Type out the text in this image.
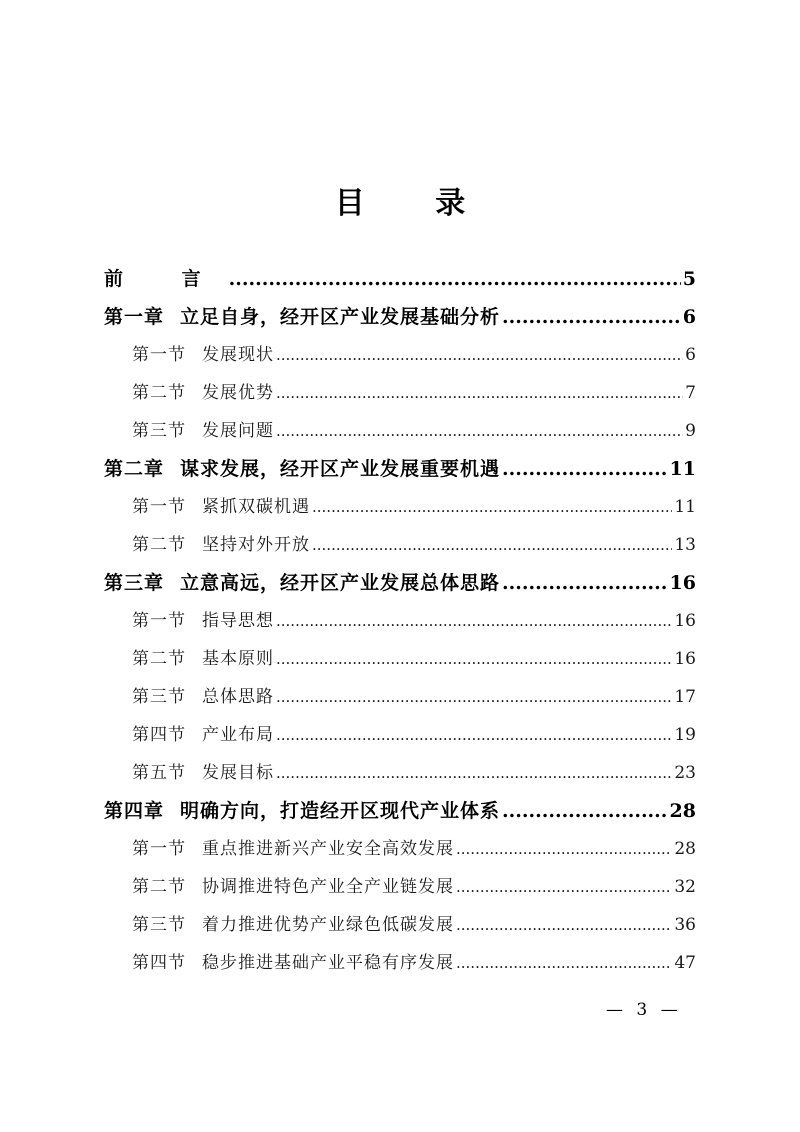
目 录
前 言 .....	5
第一章 立足自身，经开区产业发展基础分析 .....	6
第一节 发展现状 .....	6
第二节 发展优势 .....	7
第三节 发展问题 .....	9
第二章 谋求发展，经开区产业发展重要机遇 .....	11
第一节 紧抓双碳机遇 .....	11
第二节 坚持对外开放 .....	13
第三章 立意高远，经开区产业发展总体思路 .....	16
第一节 指导思想 .....	16
第二节 基本原则 .....	16
第三节 总体思路 .....	17
第四节 产业布局 .....	19
第五节 发展目标 .....	23
第四章 明确方向，打造经开区现代产业体系 .....	28
第一节 重点推进新兴产业安全高效发展 .....	28
第二节 协调推进特色产业全产业链发展 .....	32
第三节 着力推进优势产业绿色低碳发展 .....	36
第四节 稳步推进基础产业平稳有序发展 .....	47
— 3 —
